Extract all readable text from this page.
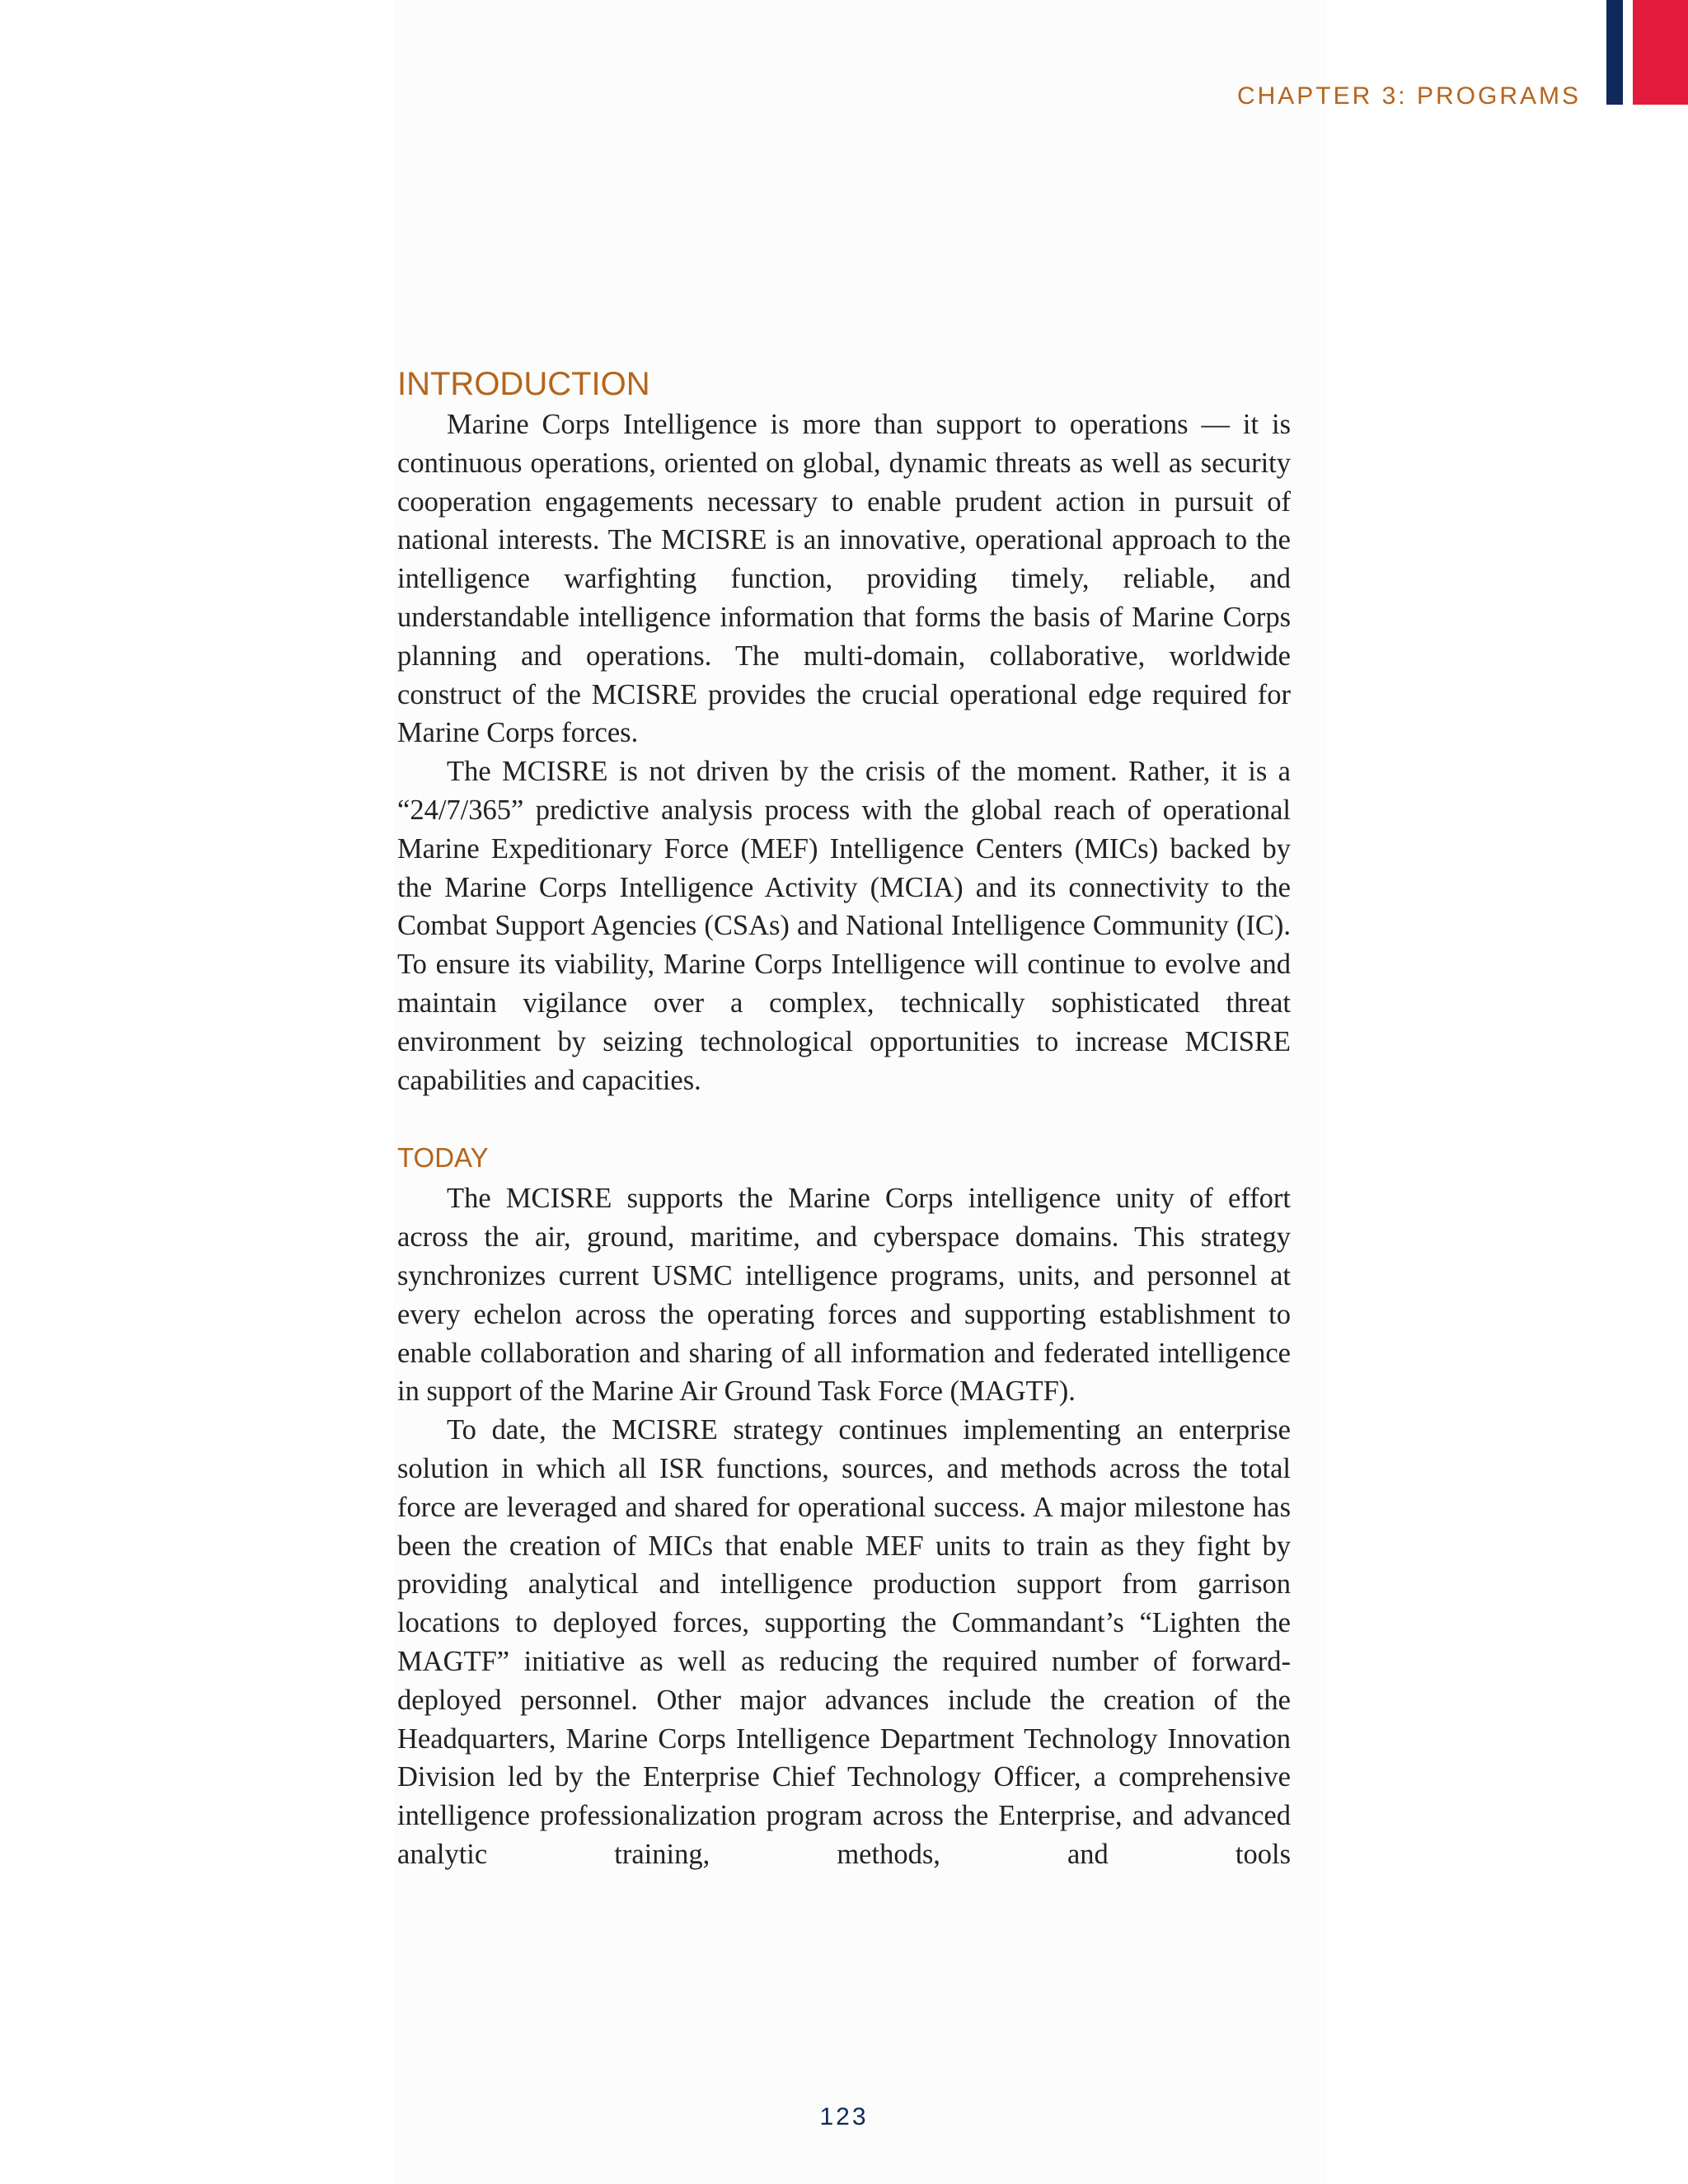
CHAPTER 3: PROGRAMS
INTRODUCTION

Marine Corps Intelligence is more than support to operations — it is continuous operations, oriented on global, dynamic threats as well as security cooperation engagements necessary to enable prudent action in pursuit of national interests. The MCISRE is an innovative, operational approach to the intelligence warfighting function, providing timely, reliable, and understandable intelligence information that forms the basis of Marine Corps planning and operations. The multi-domain, collaborative, worldwide construct of the MCISRE provides the crucial operational edge required for Marine Corps forces.

The MCISRE is not driven by the crisis of the moment. Rather, it is a “24/7/365” predictive analysis process with the global reach of operational Marine Expeditionary Force (MEF) Intelligence Centers (MICs) backed by the Marine Corps Intelligence Activity (MCIA) and its connectivity to the Combat Support Agencies (CSAs) and National Intelligence Community (IC). To ensure its viability, Marine Corps Intelligence will continue to evolve and maintain vigilance over a complex, technically sophisticated threat environment by seizing technological opportunities to increase MCISRE capabilities and capacities.

TODAY

The MCISRE supports the Marine Corps intelligence unity of effort across the air, ground, maritime, and cyberspace domains. This strategy synchronizes current USMC intelligence programs, units, and personnel at every echelon across the operating forces and supporting establishment to enable collaboration and sharing of all information and federated intelligence in support of the Marine Air Ground Task Force (MAGTF).

To date, the MCISRE strategy continues implementing an enterprise solution in which all ISR functions, sources, and methods across the total force are leveraged and shared for operational success. A major milestone has been the creation of MICs that enable MEF units to train as they fight by providing analytical and intelligence production support from garrison locations to deployed forces, supporting the Commandant’s “Lighten the MAGTF” initiative as well as reducing the required number of forward-deployed personnel. Other major advances include the creation of the Headquarters, Marine Corps Intelligence Department Technology Innovation Division led by the Enterprise Chief Technology Officer, a comprehensive intelligence professionalization program across the Enterprise, and advanced analytic training, methods, and tools

123
